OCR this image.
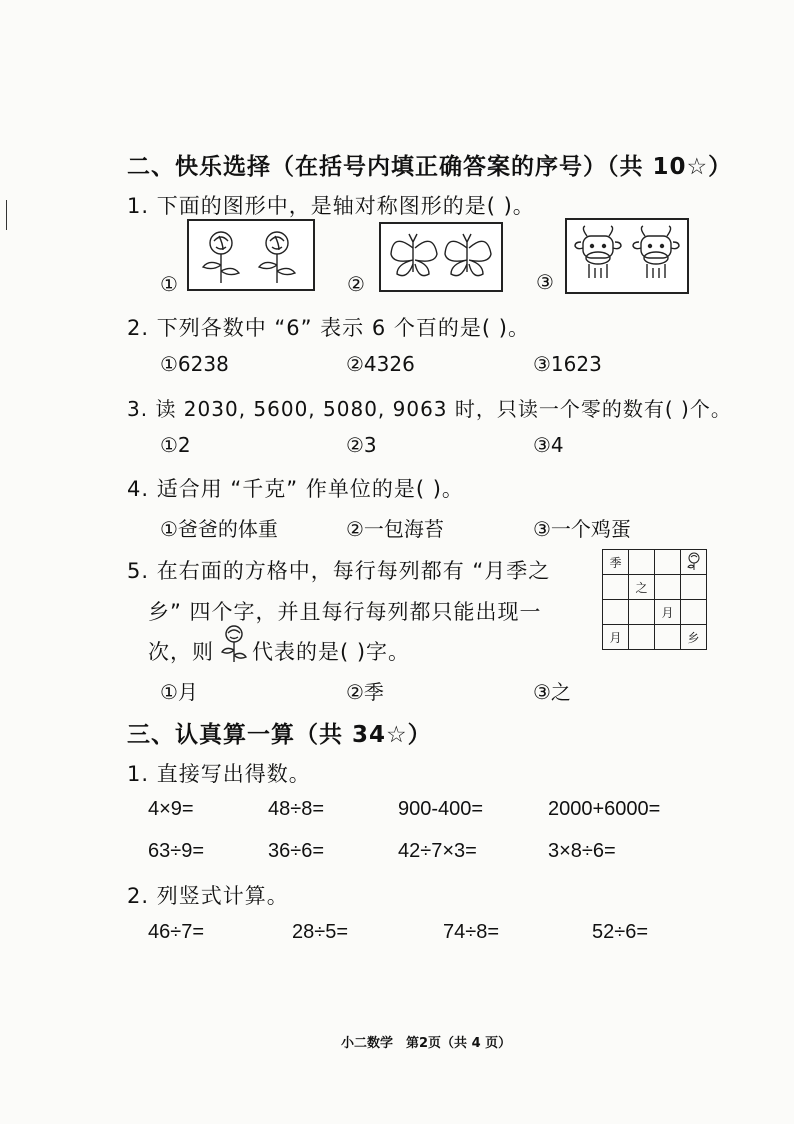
二、快乐选择（在括号内填正确答案的序号）（共 10☆）
1. 下面的图形中，是轴对称图形的是( )。
①	②	③
2. 下列各数中 “6” 表示 6 个百的是( )。
①6238	②4326	③1623
3. 读 2030, 5600, 5080, 9063 时，只读一个零的数有( )个。
①2	②3	③4
4. 适合用 “千克” 作单位的是( )。
①爸爸的体重	②一包海苔	③一个鸡蛋
5. 在右面的方格中，每行每列都有 “月季之
乡” 四个字，并且每行每列都只能出现一
次，则 代表的是( )字。
季			
	之		
		月	
月			乡
①月	②季	③之
三、认真算一算（共 34☆）
1. 直接写出得数。
4×9=	48÷8=	900-400=	2000+6000=
63÷9=	36÷6=	42÷7×3=	3×8÷6=
2. 列竖式计算。
46÷7=	28÷5=	74÷8=	52÷6=
小二数学　第2页（共 4 页）
